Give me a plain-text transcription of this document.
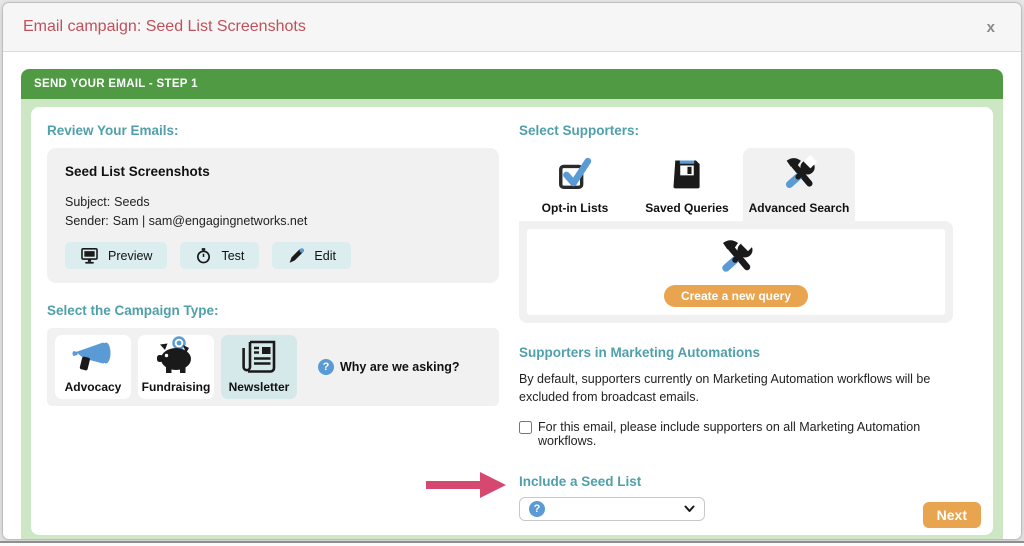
Email campaign: Seed List Screenshots	x
SEND YOUR EMAIL - STEP 1
Review Your Emails:
Seed List Screenshots
Subject: Seeds
Sender: Sam | sam@engagingnetworks.net
Preview	Test	Edit
Select the Campaign Type:
Advocacy Fundraising Newsletter
? Why are we asking?
Select Supporters:
Opt-in Lists	Saved Queries Advanced Search
Create a new query
Supporters in Marketing Automations

By default, supporters currently on Marketing Automation workflows will be excluded from broadcast emails.

For this email, please include supporters on all Marketing Automation workflows.
Include a Seed List
?	Next
